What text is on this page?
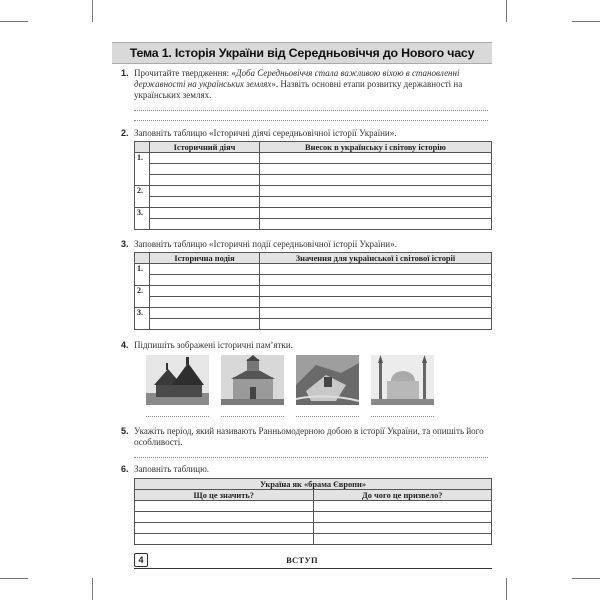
Тема 1. Історія України від Середньовіччя до Нового часу
1. Прочитайте твердження: «Доба Середньовіччя стала важливою віхою в становленні державності на українських землях». Назвіть основні етапи розвитку державності на українських землях.
2. Заповніть таблицю «Історичні діячі середньовічної історії України».
	Історичний діяч	Внесок в українську і світову історію
1.		

2.		

3.		

3. Заповніть таблицю «Історичні події середньовічної історії України».
	Історична подія	Значення для української і світової історії
1.		

2.		

3.		

4. Підпишіть зображені історичні пам’ятки.
5. Укажіть період, який називають Ранньомодерною добою в історії України, та опишіть його особливості.
6. Заповніть таблицю.
Україна як «брама Європи»	
Що це значить?	До чого це призвело?

4	ВСТУП
